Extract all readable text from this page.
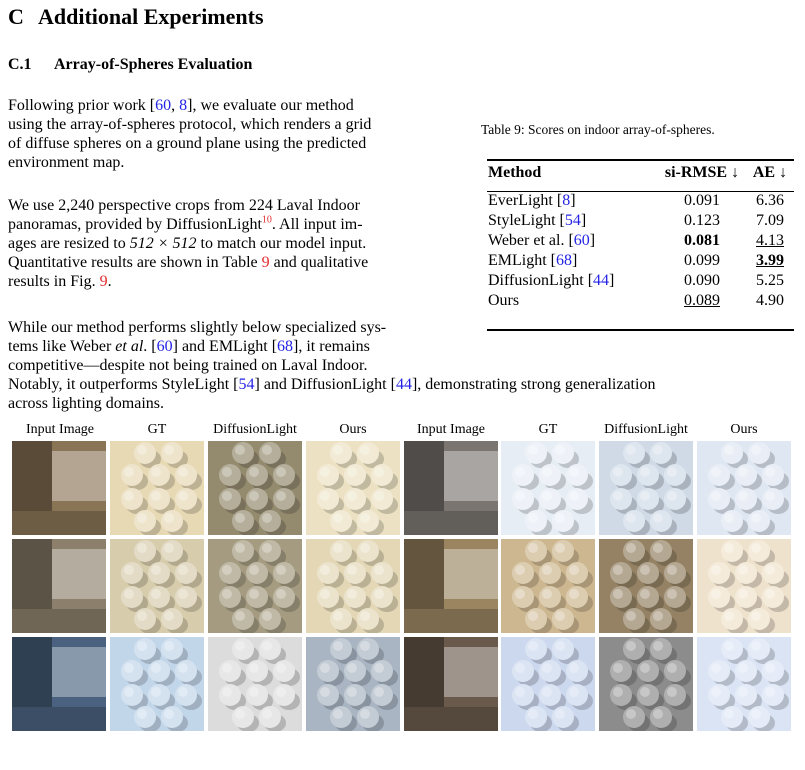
C Additional Experiments
C.1 Array-of-Spheres Evaluation
Following prior work [60, 8], we evaluate our method
using the array-of-spheres protocol, which renders a grid
of diffuse spheres on a ground plane using the predicted
environment map.
We use 2,240 perspective crops from 224 Laval Indoor
panoramas, provided by DiffusionLight$^{10}$. All input im-
ages are resized to 512 × 512 to match our model input.
Quantitative results are shown in Table 9 and qualitative
results in Fig. 9.
While our method performs slightly below specialized sys-
tems like Weber et al. [60] and EMLight [68], it remains
competitive—despite not being trained on Laval Indoor.
Notably, it outperforms StyleLight [54] and DiffusionLight [44], demonstrating strong generalization
across lighting domains.
Table 9: Scores on indoor array-of-spheres.
Method	si-RMSE ↓	AE ↓
EverLight [8]	0.091	6.36
StyleLight [54]	0.123	7.09
Weber et al. [60]	0.081	4.13
EMLight [68]	0.099	3.99
DiffusionLight [44]	0.090	5.25
Ours	0.089	4.90
Input Image	GT	DiffusionLight	Ours	Input Image	GT	DiffusionLight	Ours
